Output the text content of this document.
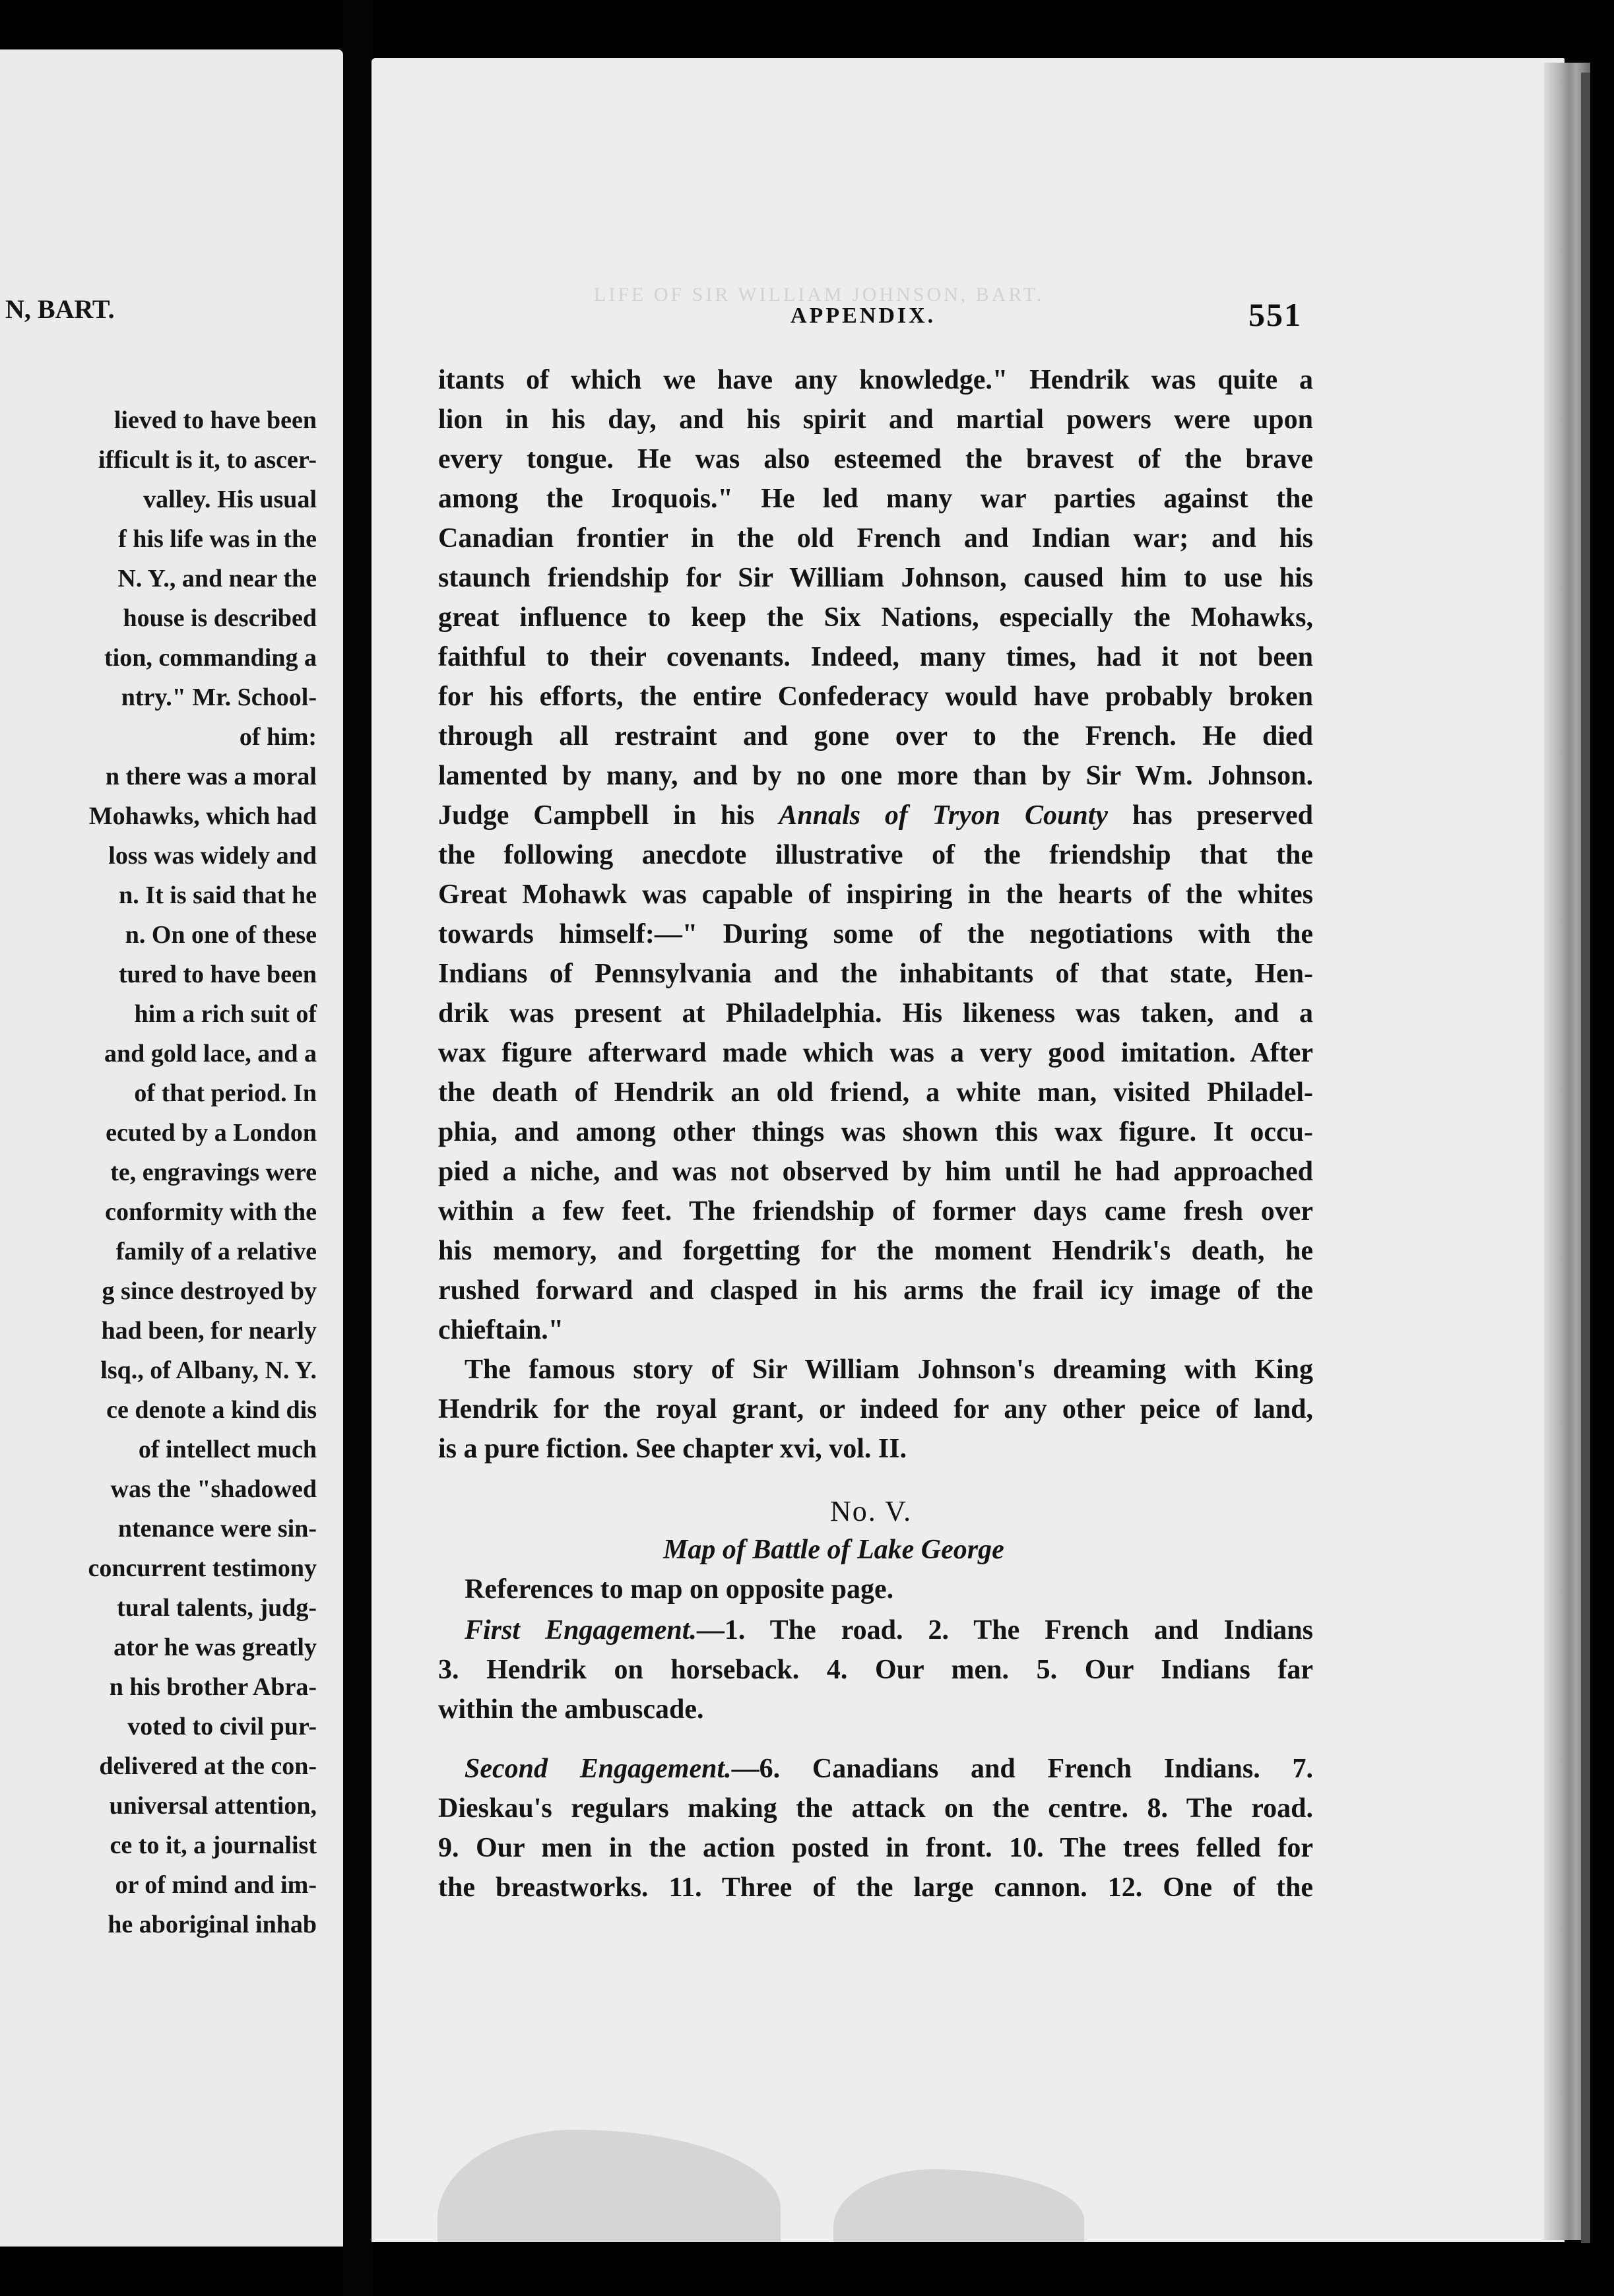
N, BART.
lieved to have been
ifficult is it, to ascer-
valley. His usual
f his life was in the
N. Y., and near the
house is described
tion, commanding a
ntry." Mr. School-
of him:
n there was a moral
Mohawks, which had
loss was widely and
n. It is said that he
n. On one of these
tured to have been
him a rich suit of
and gold lace, and a
of that period. In
ecuted by a London
te, engravings were
conformity with the
family of a relative
g since destroyed by
had been, for nearly
lsq., of Albany, N. Y.
ce denote a kind dis
of intellect much
was the "shadowed
ntenance were sin-
concurrent testimony
tural talents, judg-
ator he was greatly
n his brother Abra-
voted to civil pur-
delivered at the con-
universal attention,
ce to it, a journalist
or of mind and im-
he aboriginal inhab
LIFE OF SIR WILLIAM JOHNSON, BART.
APPENDIX.	551
itants of which we have any knowledge." Hendrik was quite a
lion in his day, and his spirit and martial powers were upon
every tongue. He was also esteemed the bravest of the brave
among the Iroquois." He led many war parties against the
Canadian frontier in the old French and Indian war; and his
staunch friendship for Sir William Johnson, caused him to use his
great influence to keep the Six Nations, especially the Mohawks,
faithful to their covenants. Indeed, many times, had it not been
for his efforts, the entire Confederacy would have probably broken
through all restraint and gone over to the French. He died
lamented by many, and by no one more than by Sir Wm. Johnson.
Judge Campbell in his Annals of Tryon County has preserved
the following anecdote illustrative of the friendship that the
Great Mohawk was capable of inspiring in the hearts of the whites
towards himself:—" During some of the negotiations with the
Indians of Pennsylvania and the inhabitants of that state, Hen-
drik was present at Philadelphia. His likeness was taken, and a
wax figure afterward made which was a very good imitation. After
the death of Hendrik an old friend, a white man, visited Philadel-
phia, and among other things was shown this wax figure. It occu-
pied a niche, and was not observed by him until he had approached
within a few feet. The friendship of former days came fresh over
his memory, and forgetting for the moment Hendrik's death, he
rushed forward and clasped in his arms the frail icy image of the
chieftain."
The famous story of Sir William Johnson's dreaming with King
Hendrik for the royal grant, or indeed for any other peice of land,
is a pure fiction. See chapter xvi, vol. II.
No. V.
Map of Battle of Lake George
References to map on opposite page.
First Engagement.—1. The road. 2. The French and Indians
3. Hendrik on horseback. 4. Our men. 5. Our Indians far
within the ambuscade.
Second Engagement.—6. Canadians and French Indians. 7.
Dieskau's regulars making the attack on the centre. 8. The road.
9. Our men in the action posted in front. 10. The trees felled for
the breastworks. 11. Three of the large cannon. 12. One of the
